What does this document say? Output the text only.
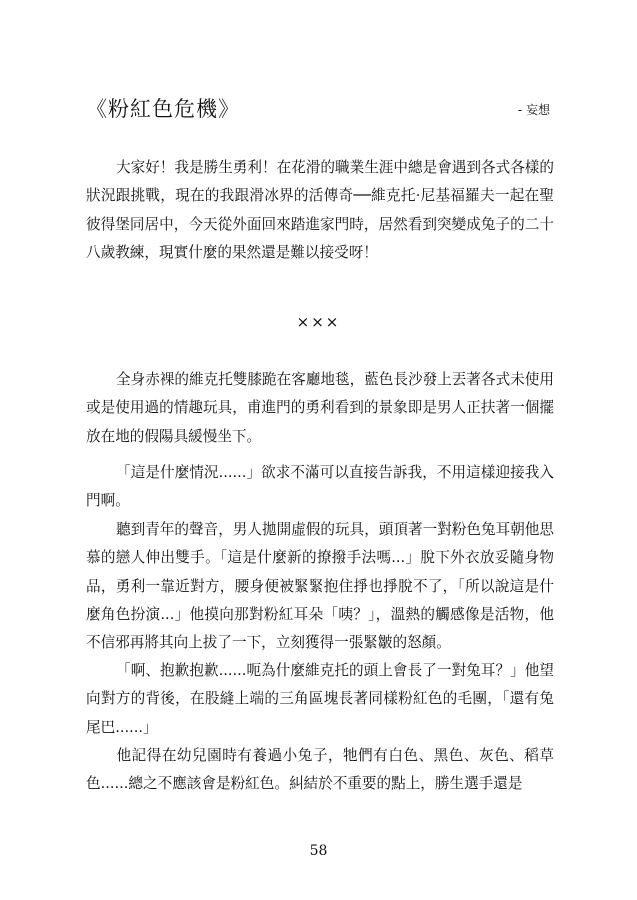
《粉紅色危機》	- 妄想

大家好！我是勝生勇利！在花滑的職業生涯中總是會遇到各式各樣的狀況跟挑戰，現在的我跟滑冰界的活傳奇──維克托·尼基福羅夫一起在聖彼得堡同居中，今天從外面回來踏進家門時，居然看到突變成兔子的二十八歲教練，現實什麼的果然還是難以接受呀！

×××

全身赤裸的維克托雙膝跪在客廳地毯，藍色長沙發上丟著各式未使用或是使用過的情趣玩具，甫進門的勇利看到的景象即是男人正扶著一個擺放在地的假陽具緩慢坐下。

「這是什麼情況......」欲求不滿可以直接告訴我，不用這樣迎接我入門啊。

聽到青年的聲音，男人拋開虛假的玩具，頭頂著一對粉色兔耳朝他思慕的戀人伸出雙手。「這是什麼新的撩撥手法嗎...」脫下外衣放妥隨身物品，勇利一靠近對方，腰身便被緊緊抱住掙也掙脫不了，「所以說這是什麼角色扮演...」他摸向那對粉紅耳朵「咦？」，溫熱的觸感像是活物，他不信邪再將其向上拔了一下，立刻獲得一張緊皺的怒顏。

「啊、抱歉抱歉......呃為什麼維克托的頭上會長了一對兔耳？」他望向對方的背後，在股縫上端的三角區塊長著同樣粉紅色的毛團，「還有兔尾巴......」

他記得在幼兒園時有養過小兔子，牠們有白色、黑色、灰色、稻草色......總之不應該會是粉紅色。糾結於不重要的點上，勝生選手還是

58
